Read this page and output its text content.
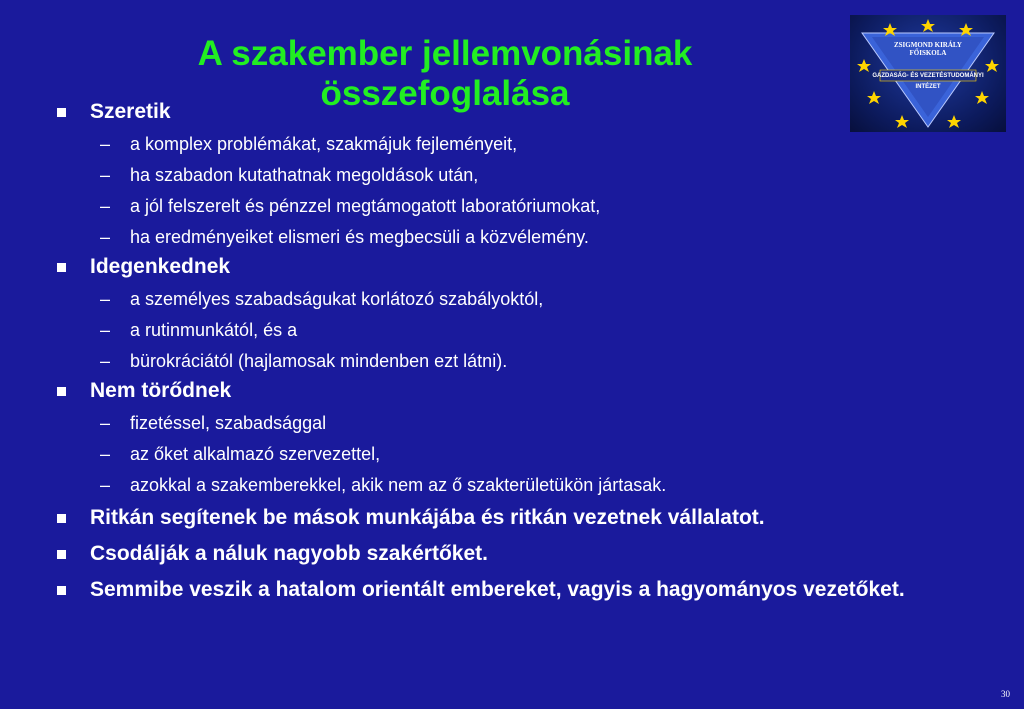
A szakember jellemvonásinak
összefoglalása
ZSIGMOND KIRÁLY
FŐISKOLA
GAZDASÁG- ÉS VEZETÉSTUDOMÁNYI
INTÉZET
Szeretik
– a komplex problémákat, szakmájuk fejleményeit,
– ha szabadon kutathatnak megoldások után,
– a jól felszerelt és pénzzel megtámogatott laboratóriumokat,
– ha eredményeiket elismeri és megbecsüli a közvélemény.
Idegenkednek
– a személyes szabadságukat korlátozó szabályoktól,
– a rutinmunkától, és a
– bürokráciától (hajlamosak mindenben ezt látni).
Nem törődnek
– fizetéssel, szabadsággal
– az őket alkalmazó szervezettel,
– azokkal a szakemberekkel, akik nem az ő szakterületükön jártasak.
Ritkán segítenek be mások munkájába és ritkán vezetnek vállalatot.
Csodálják a náluk nagyobb szakértőket.
Semmibe veszik a hatalom orientált embereket, vagyis a hagyományos vezetőket.
30
